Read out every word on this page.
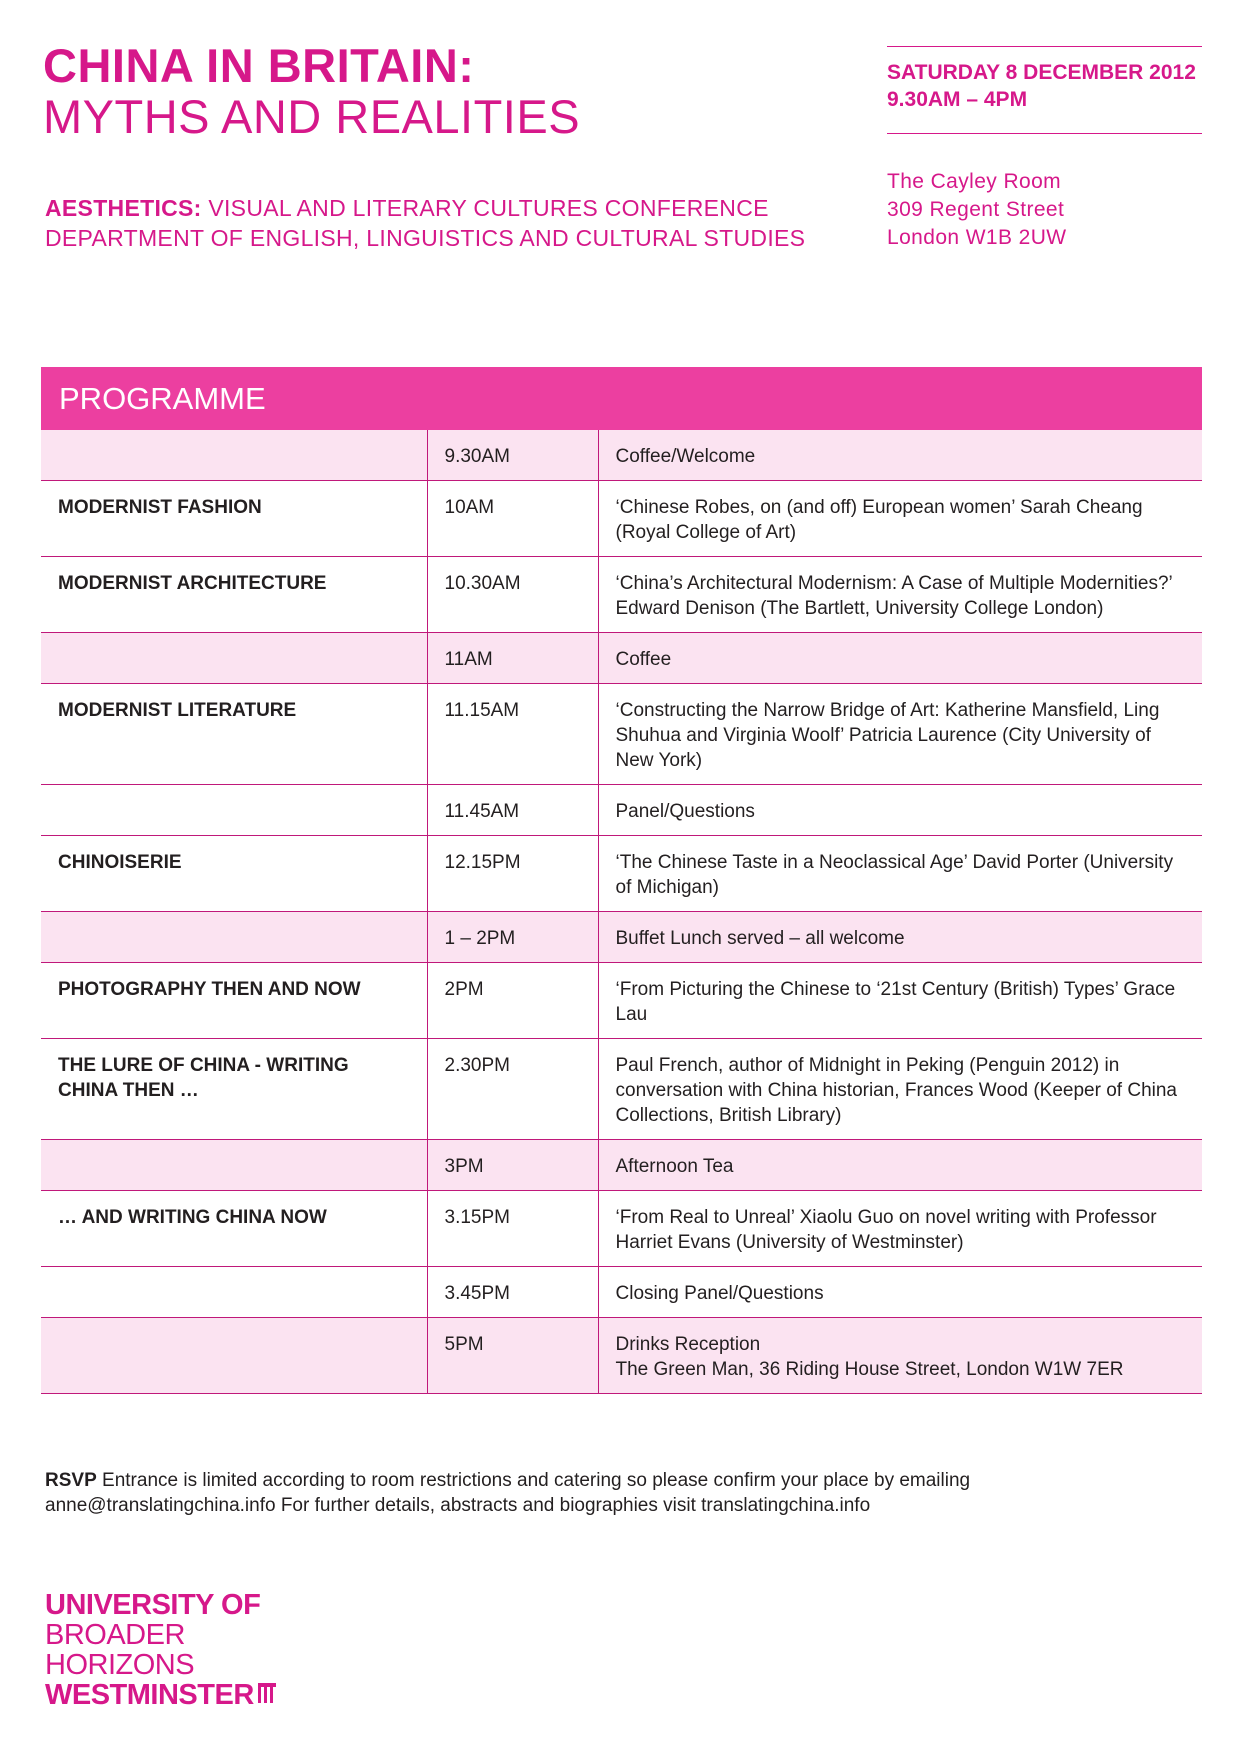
CHINA IN BRITAIN:
MYTHS AND REALITIES
AESTHETICS: VISUAL AND LITERARY CULTURES CONFERENCE
DEPARTMENT OF ENGLISH, LINGUISTICS AND CULTURAL STUDIES
SATURDAY 8 DECEMBER 2012
9.30AM – 4PM
The Cayley Room
309 Regent Street
London W1B 2UW
PROGRAMME
	9.30AM	Coffee/Welcome

MODERNIST FASHION	10AM	‘Chinese Robes, on (and off) European women’ Sarah Cheang (Royal College of Art)

MODERNIST ARCHITECTURE	10.30AM	‘China’s Architectural Modernism: A Case of Multiple Modernities?’ Edward Denison (The Bartlett, University College London)

	11AM	Coffee

MODERNIST LITERATURE	11.15AM	‘Constructing the Narrow Bridge of Art: Katherine Mansfield, Ling Shuhua and Virginia Woolf’ Patricia Laurence (City University of New York)

	11.45AM	Panel/Questions

CHINOISERIE	12.15PM	‘The Chinese Taste in a Neoclassical Age’ David Porter (University of Michigan)

	1 – 2PM	Buffet Lunch served – all welcome

PHOTOGRAPHY THEN AND NOW	2PM	‘From Picturing the Chinese to ‘21st Century (British) Types’ Grace Lau

THE LURE OF CHINA - WRITING CHINA THEN …	2.30PM	Paul French, author of Midnight in Peking (Penguin 2012) in conversation with China historian, Frances Wood (Keeper of China Collections, British Library)

	3PM	Afternoon Tea

… AND WRITING CHINA NOW	3.15PM	‘From Real to Unreal’ Xiaolu Guo on novel writing with Professor Harriet Evans (University of Westminster)

	3.45PM	Closing Panel/Questions

	5PM	Drinks Reception
The Green Man, 36 Riding House Street, London W1W 7ER
RSVP Entrance is limited according to room restrictions and catering so please confirm your place by emailing anne@translatingchina.info For further details, abstracts and biographies visit translatingchina.info
UNIVERSITY OF
BROADER
HORIZONS
WESTMINSTER
